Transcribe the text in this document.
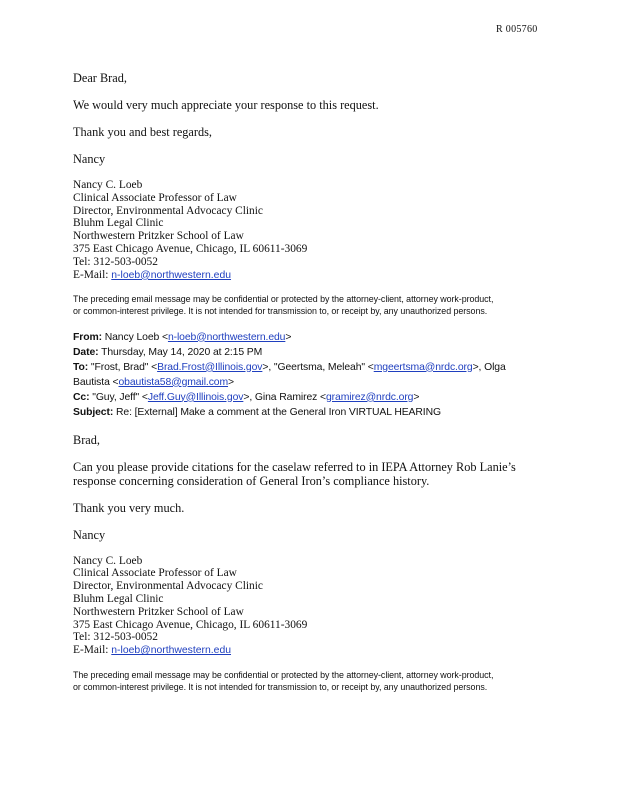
R 005760

Dear Brad,

We would very much appreciate your response to this request.

Thank you and best regards,

Nancy

Nancy C. Loeb

Clinical Associate Professor of Law

Director, Environmental Advocacy Clinic

Bluhm Legal Clinic

Northwestern Pritzker School of Law

375 East Chicago Avenue, Chicago, IL 60611-3069

Tel: 312-503-0052

E-Mail: n-loeb@northwestern.edu

The preceding email message may be confidential or protected by the attorney-client, attorney work-product,

or common-interest privilege. It is not intended for transmission to, or receipt by, any unauthorized persons.

From: Nancy Loeb <n-loeb@northwestern.edu>

Date: Thursday, May 14, 2020 at 2:15 PM

To: "Frost, Brad" <Brad.Frost@Illinois.gov>, "Geertsma, Meleah" <mgeertsma@nrdc.org>, Olga

Bautista <obautista58@gmail.com>

Cc: "Guy, Jeff" <Jeff.Guy@Illinois.gov>, Gina Ramirez <gramirez@nrdc.org>

Subject: Re: [External] Make a comment at the General Iron VIRTUAL HEARING

Brad,

Can you please provide citations for the caselaw referred to in IEPA Attorney Rob Lanie’s

response concerning consideration of General Iron’s compliance history.

Thank you very much.

Nancy

Nancy C. Loeb

Clinical Associate Professor of Law

Director, Environmental Advocacy Clinic

Bluhm Legal Clinic

Northwestern Pritzker School of Law

375 East Chicago Avenue, Chicago, IL 60611-3069

Tel: 312-503-0052

E-Mail: n-loeb@northwestern.edu

The preceding email message may be confidential or protected by the attorney-client, attorney work-product,

or common-interest privilege. It is not intended for transmission to, or receipt by, any unauthorized persons.
